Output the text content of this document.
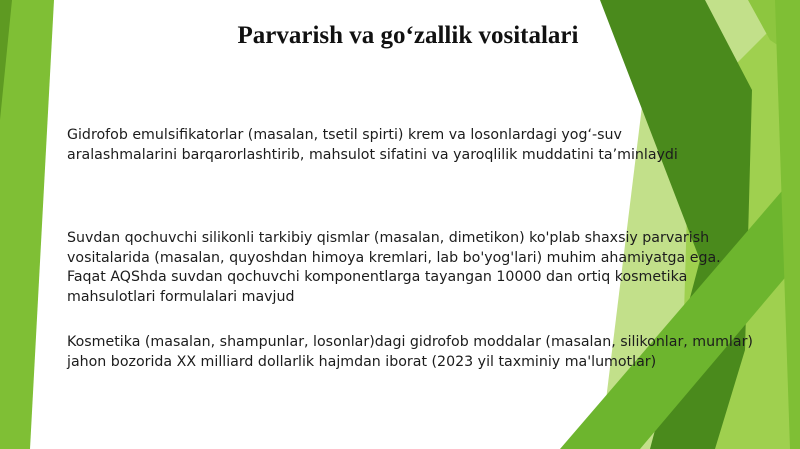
Parvarish va go‘zallik vositalari

Gidrofob emulsifikatorlar (masalan, tsetil spirti) krem va losonlardagi yog‘-suv
aralashmalarini barqarorlashtirib, mahsulot sifatini va yaroqlilik muddatini ta’minlaydi

Suvdan qochuvchi silikonli tarkibiy qismlar (masalan, dimetikon) ko'plab shaxsiy parvarish
vositalarida (masalan, quyoshdan himoya kremlari, lab bo'yog'lari) muhim ahamiyatga ega.
Faqat AQShda suvdan qochuvchi komponentlarga tayangan 10000 dan ortiq kosmetika
mahsulotlari formulalari mavjud

Kosmetika (masalan, shampunlar, losonlar)dagi gidrofob moddalar (masalan, silikonlar, mumlar)
jahon bozorida XX milliard dollarlik hajmdan iborat (2023 yil taxminiy ma'lumotlar)
